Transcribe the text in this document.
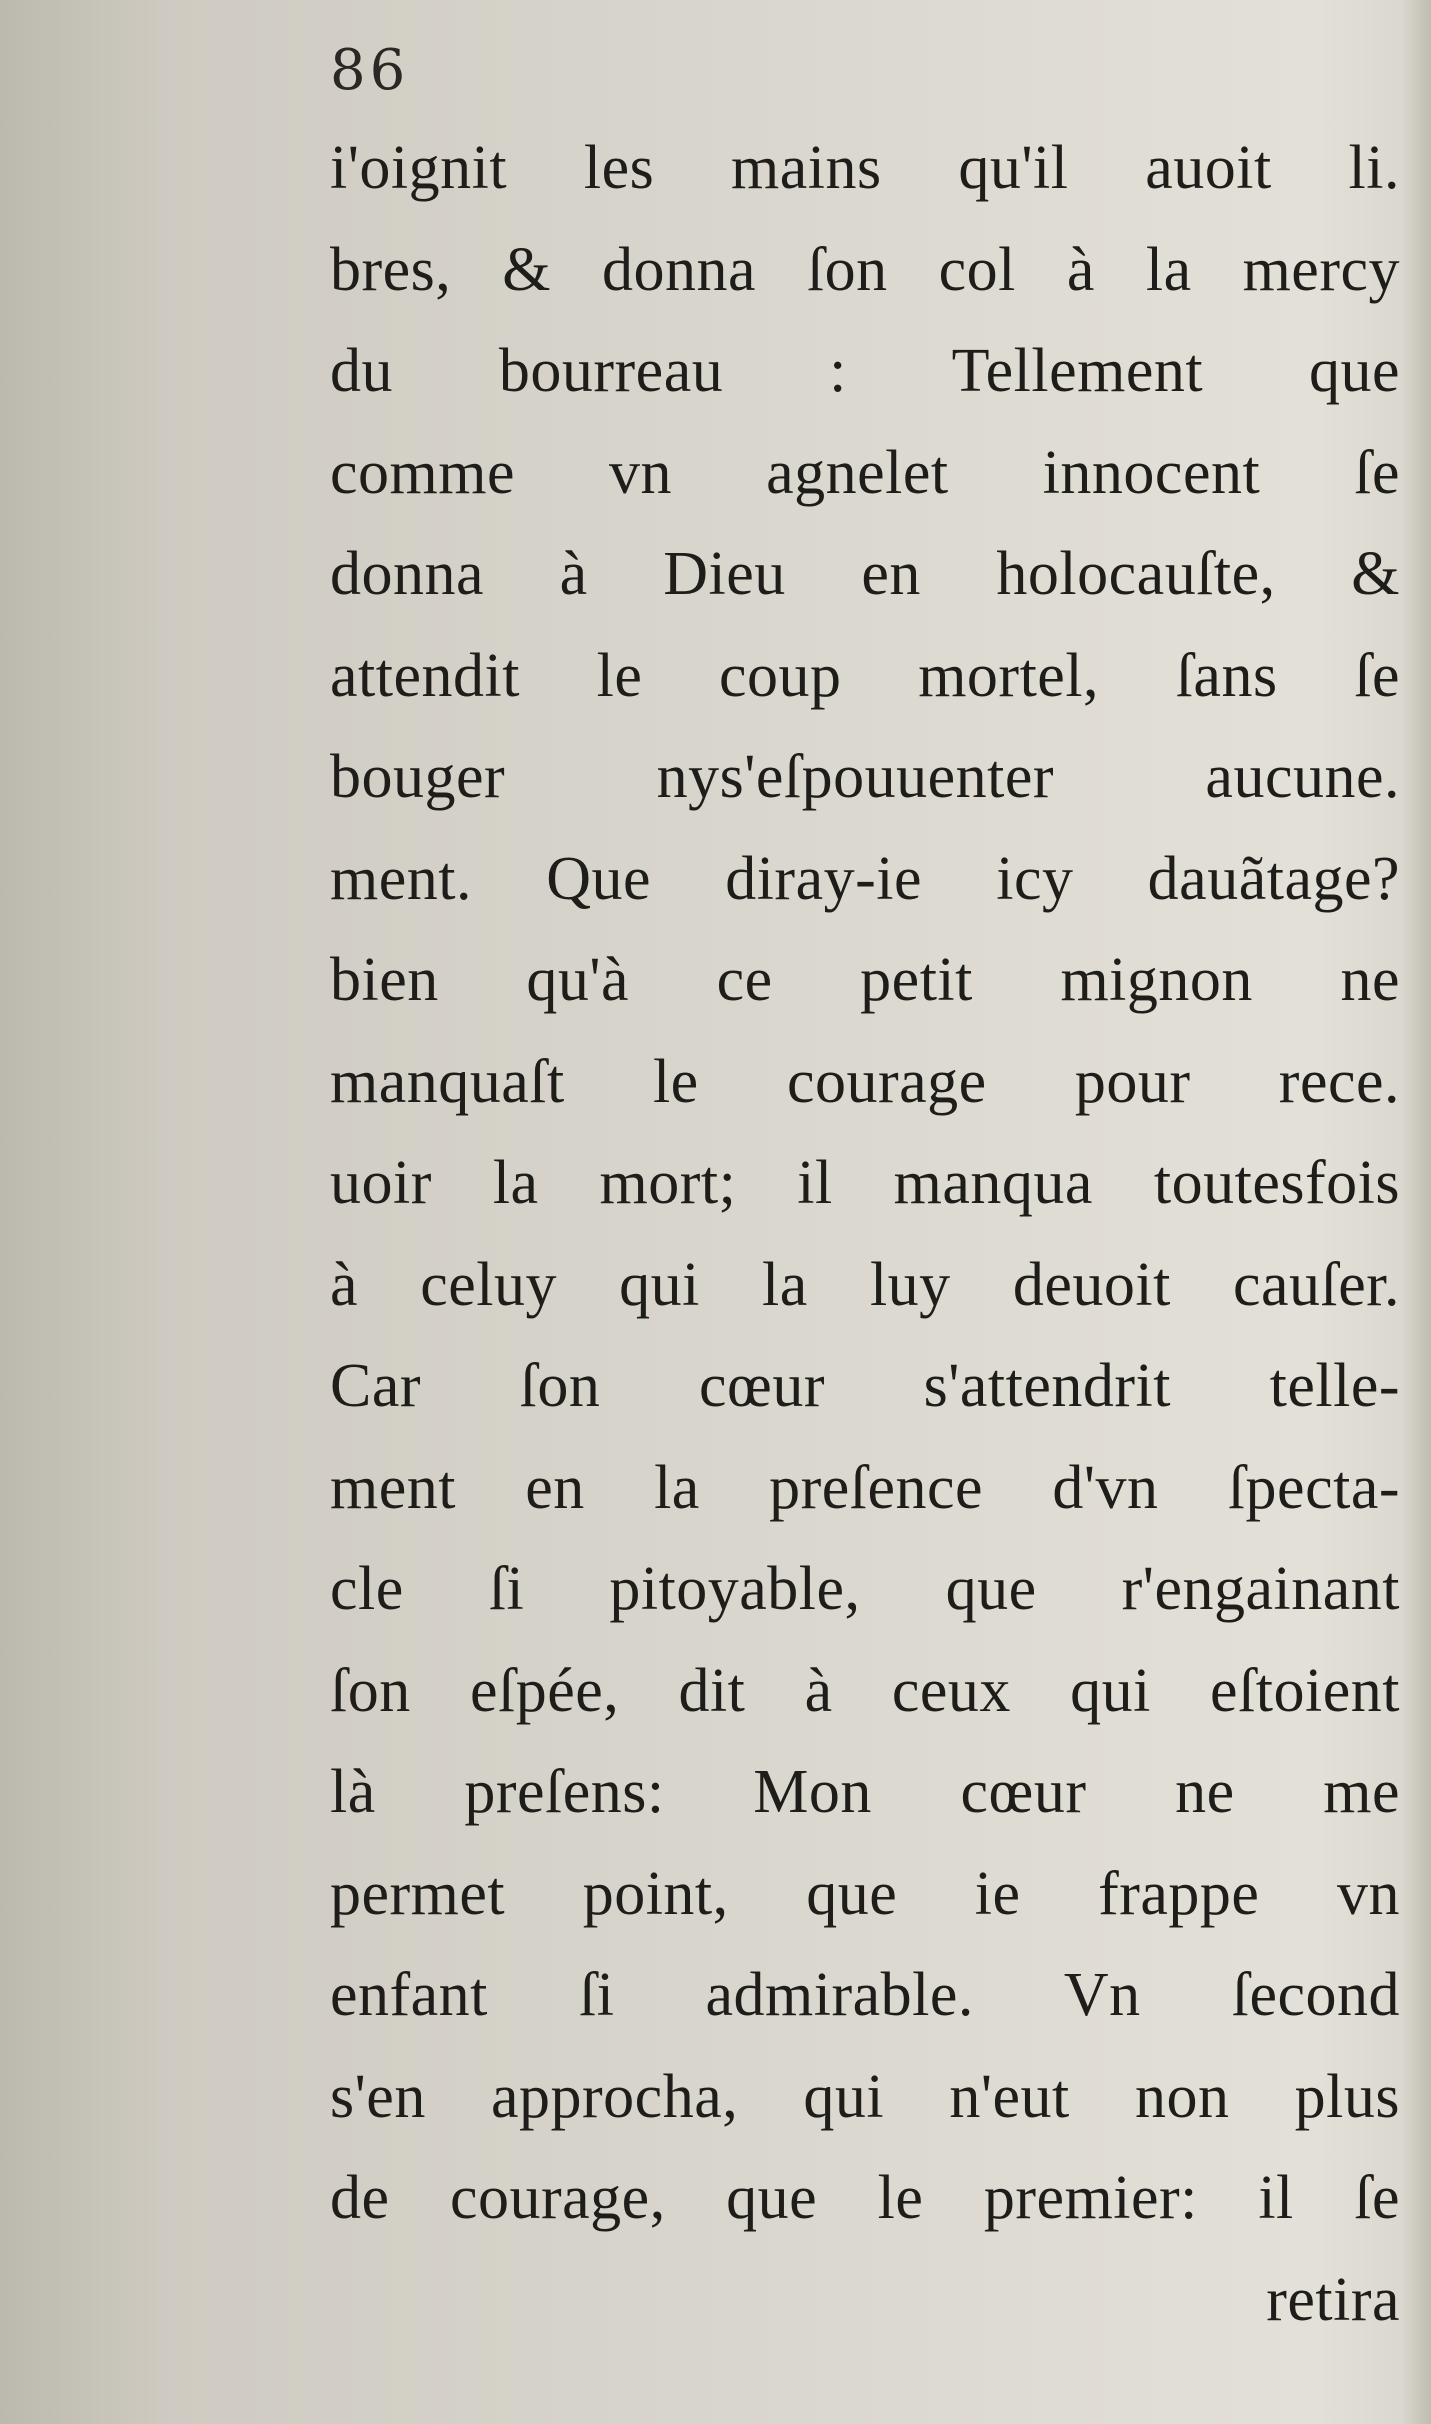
86
i'oignit les mains qu'il auoit li.
bres, & donna ſon col à la mercy
du bourreau : Tellement que
comme vn agnelet innocent ſe
donna à Dieu en holocauſte, &
attendit le coup mortel, ſans ſe
bouger nys'eſpouuenter aucune.
ment. Que diray-ie icy dauãtage?
bien qu'à ce petit mignon ne
manquaſt le courage pour rece.
uoir la mort; il manqua toutesfois
à celuy qui la luy deuoit cauſer.
Car ſon cœur s'attendrit telle-
ment en la preſence d'vn ſpecta-
cle ſi pitoyable, que r'engainant
ſon eſpée, dit à ceux qui eſtoient
là preſens: Mon cœur ne me
permet point, que ie frappe vn
enfant ſi admirable. Vn ſecond
s'en approcha, qui n'eut non plus
de courage, que le premier: il ſe
retira
